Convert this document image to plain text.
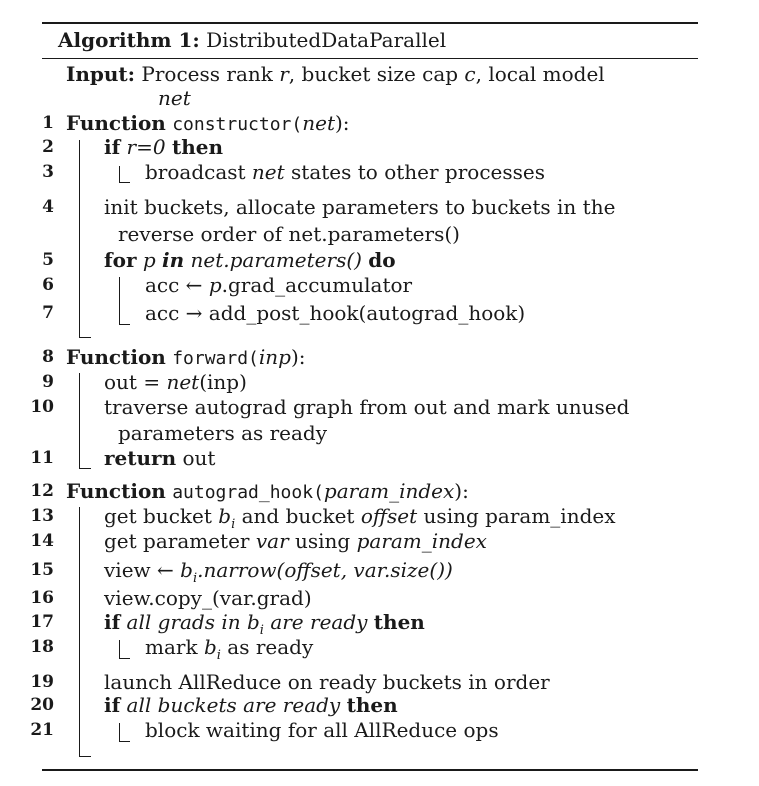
Algorithm 1: DistributedDataParallel
Input: Process rank r, bucket size cap c, local model
net
1 Function constructor(net):
2	if r=0 then
3	broadcast net states to other processes
4	init buckets, allocate parameters to buckets in the
reverse order of net.parameters()
5	for p in net.parameters() do
6	acc ← p.grad_accumulator
7	acc → add_post_hook(autograd_hook)
8 Function forward(inp):
9	out = net(inp)
10	traverse autograd graph from out and mark unused
parameters as ready
11	return out
12 Function autograd_hook(param_index):
13	get bucket $b_i$ and bucket offset using param_index
14	get parameter var using param_index
15	view ← $b_i.narrow(offset$, var.size())
16	view.copy_(var.grad)
17	if all grads in $b_i$ are ready then
18	mark $b_i$ as ready
19	launch AllReduce on ready buckets in order
20	if all buckets are ready then
21	block waiting for all AllReduce ops
